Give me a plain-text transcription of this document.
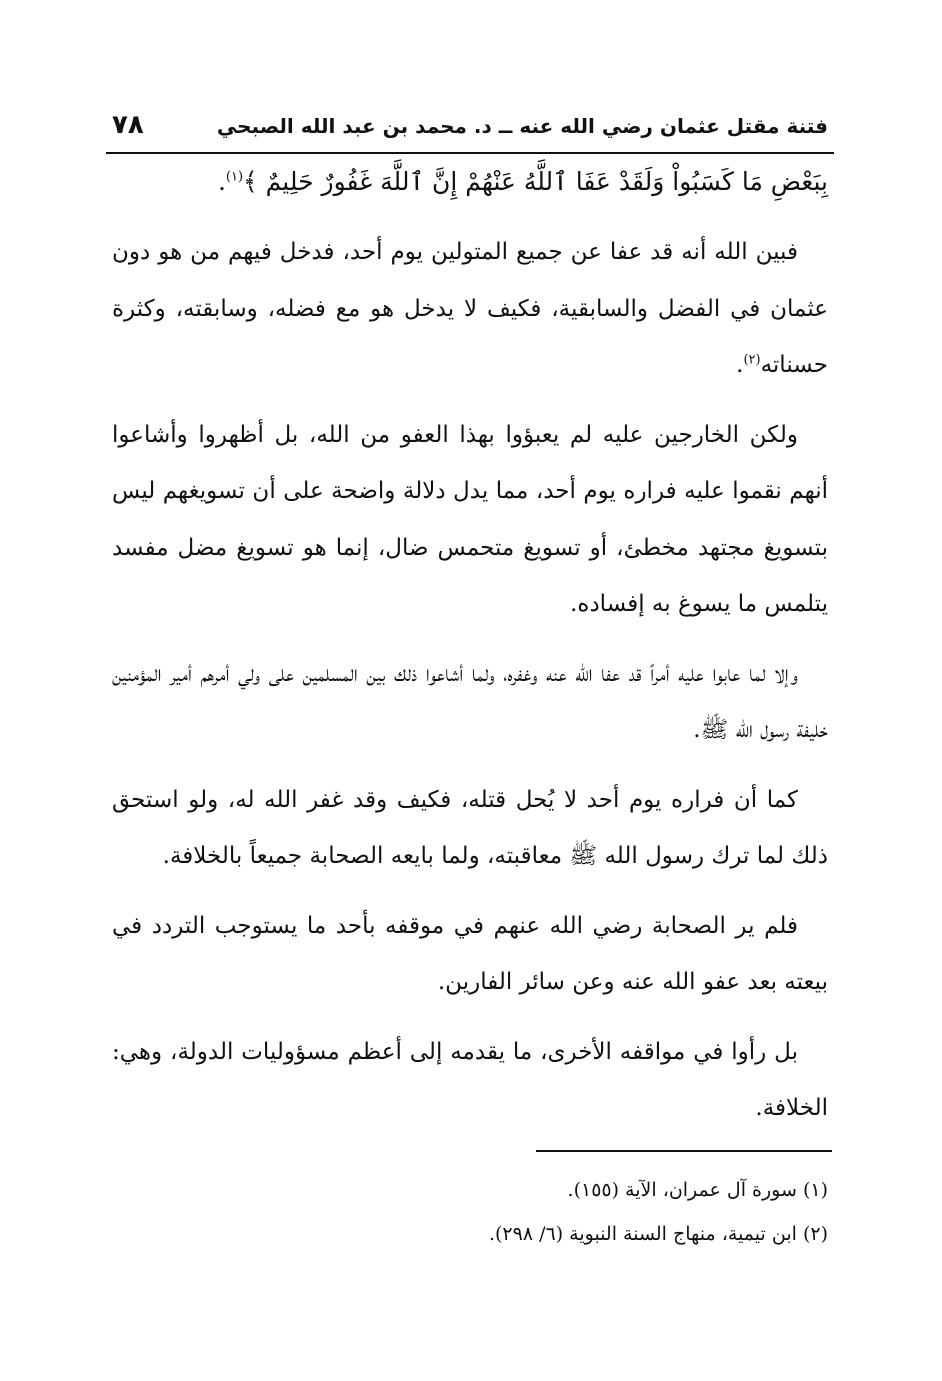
فتنة مقتل عثمان رضي الله عنه ــ د. محمد بن عبد الله الصبحي
٧٨
بِبَعْضِ مَا كَسَبُواْ وَلَقَدْ عَفَا ٱللَّهُ عَنْهُمْ إِنَّ ٱللَّهَ غَفُورٌ حَلِيمٌ ﴾$^{(١)}$.

فبين الله أنه قد عفا عن جميع المتولين يوم أحد، فدخل فيهم من هو دون عثمان في الفضل والسابقية، فكيف لا يدخل هو مع فضله، وسابقته، وكثرة حسناته$^{(٢)}$.

ولكن الخارجين عليه لم يعبؤوا بهذا العفو من الله، بل أظهروا وأشاعوا أنهم نقموا عليه فراره يوم أحد، مما يدل دلالة واضحة على أن تسويغهم ليس بتسويغ مجتهد مخطئ، أو تسويغ متحمس ضال، إنما هو تسويغ مضل مفسد يتلمس ما يسوغ به إفساده.

وإلا لما عابوا عليه أمراً قد عفا الله عنه وغفره، ولما أشاعوا ذلك بين المسلمين على ولي أمرهم أمير المؤمنين خليفة رسول الله ﷺ.

كما أن فراره يوم أحد لا يُحل قتله، فكيف وقد غفر الله له، ولو استحق ذلك لما ترك رسول الله ﷺ معاقبته، ولما بايعه الصحابة جميعاً بالخلافة.

فلم ير الصحابة رضي الله عنهم في موقفه بأحد ما يستوجب التردد في بيعته بعد عفو الله عنه وعن سائر الفارين.

بل رأوا في مواقفه الأخرى، ما يقدمه إلى أعظم مسؤوليات الدولة، وهي: الخلافة.

(١) سورة آل عمران، الآية (١٥٥).

(٢) ابن تيمية، منهاج السنة النبوية (٦/ ٢٩٨).
